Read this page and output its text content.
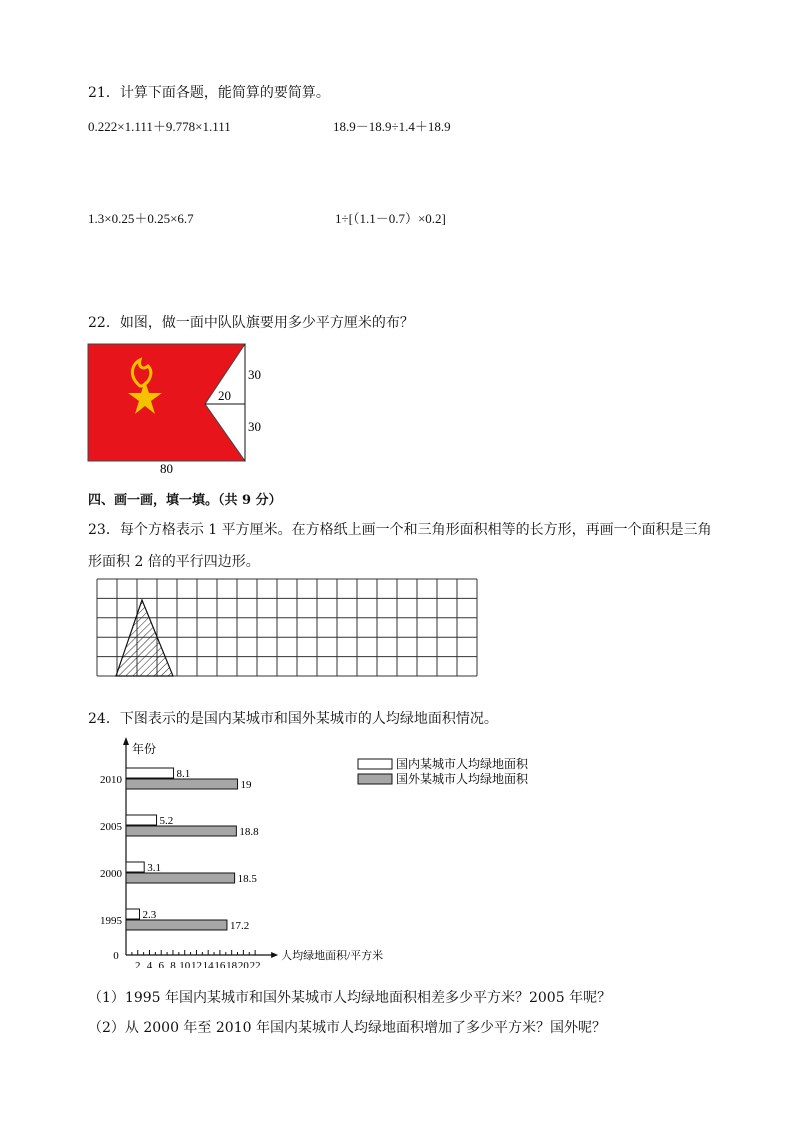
21．计算下面各题，能简算的要简算。
0.222×1.111＋9.778×1.111	18.9－18.9÷1.4＋18.9
1.3×0.25＋0.25×6.7	1÷[（1.1－0.7）×0.2]
22．如图，做一面中队队旗要用多少平方厘米的布？
30
20
30
80
四、画一画，填一填。（共 9 分）
23．每个方格表示 1 平方厘米。在方格纸上画一个和三角形面积相等的长方形，再画一个面积是三角
形面积 2 倍的平行四边形。
24．下图表示的是国内某城市和国外某城市的人均绿地面积情况。
2 4 6 8 10 12 14 16 18 20 22
0	人均绿地面积/平方米
年份
1995 2.3
17.2
2000 3.1
18.5
2005	5.2
18.8
2010	8.1
19
国内某城市人均绿地面积
国外某城市人均绿地面积
（1）1995 年国内某城市和国外某城市人均绿地面积相差多少平方米？2005 年呢？
（2）从 2000 年至 2010 年国内某城市人均绿地面积增加了多少平方米？国外呢？
